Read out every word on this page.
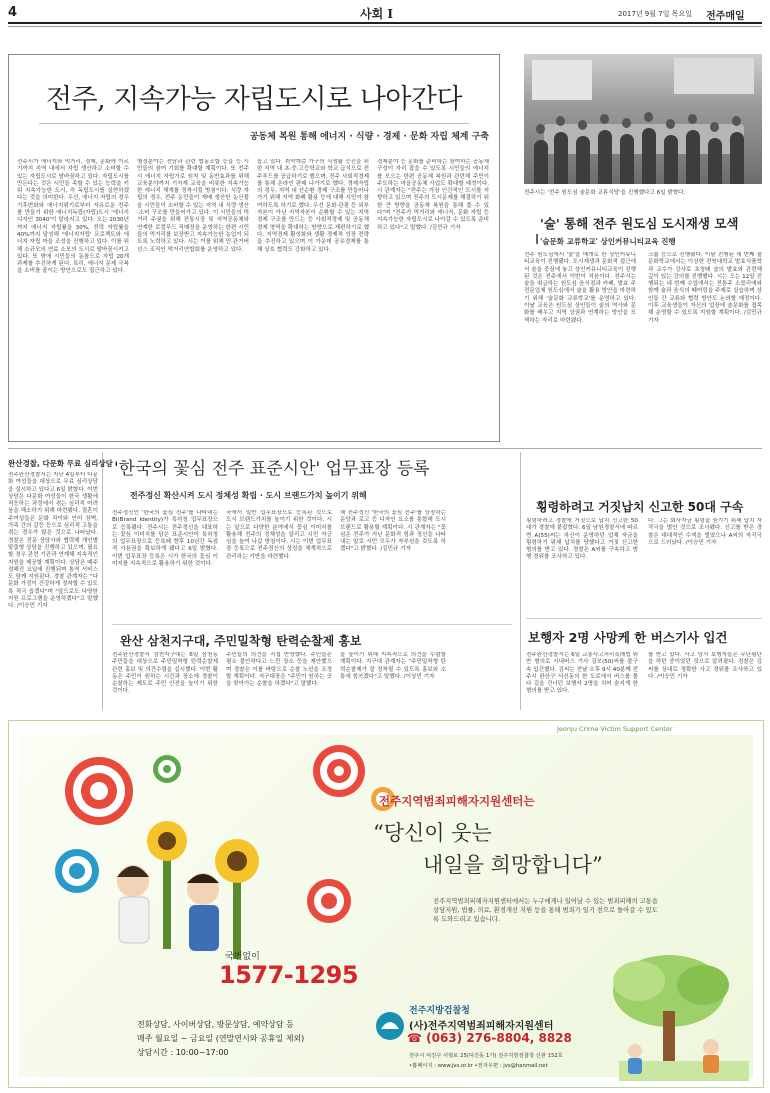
4	사회 I	2017년 9월 7일 목요일 전주매일
전주, 지속가능 자립도시로 나아간다
공동체 복원 통해 에너지 · 식량 · 경제 · 문화 자립 체계 구축
전주시가 에너지와 먹거리, 경제, 문화에 이르기까지 지역 내에서 자립 생산하고 소비할 수 있는 자립도시로 탈바꿈하고 있다. 자립도시를 만든다는 것은 시민들 족할 수 있는 능력을 키워 지속가능한 도시, 즉 독립도시를 실현하겠다는 것을 의미한다. 우선, 에너지 자립의 경우 기후변화와 에너지위기로부터 자유로운 전주를 만들기 위한 에너지독립(자립)도시 '에너지 디자인 3040'이 달라지고 있다. 오는 2030년까지 에너지 자립률을 30%, 전력 자립률을 40%까지 달성해 '에너지자립' 프로젝트와 에너지 자립 마을 조성을 진행하고 있다. 이를 위해 소규모의 연료 소모의 도시로 탈바꿈시키고 있다. 또 밖에 시민들의 동참으로 자립 20개 과제를 추진하게 된다. 특히, 에너지 문제 극복을 소비를 줄이는 방안으로도 접근하고 있다.
행정분야는 전담과 관련 협동조합 등을 등 시민들의 참여 기회를 확대할 계획이다. 또 전주시 에너지 자립가로 원칙 및 동반효과를 위해 교육분야까지 기자재 교육을 비롯한 지속가능한 에너지 체계를 정착시킬 방침이다. 식량 자립의 경우, 전주 농민들이 재배 생산한 농산물을 시민들이 소비할 수 있는 지역 내 식량 생산·소비 구조를 만들어가고 있다. 이 시민들의 먹거리 주권을 위해 전통시장 및 지역공동체와 연계한 로컬푸드 직매장을 운영하는 한편 시민들의 먹거리를 보장받고 지속가능한 농업이 되도록 노력하고 있다. 시는 이를 위해 민·관거버넌스 조직인 먹거리연합회를 운영하고 있다.
돕고 있다. 취약계층 가구의 식생활 증진을 위한 지역 내 초·중·고등학교와 학교 급식으로 전주푸드를 공급하기로 했으며, 전주 사회적경제를 통해 온라인 판매 나가기로 했다. 경제자립의 경우, 지역 내 선순환 경제 구조를 만들어나가기 위해 지역 화폐 활용 등에 대해 시민이 참여하도록 하기로 했다. 우선 문화·관광 등 외부자본이 아닌 지역자본이 순환할 수 있는 지역 경제 구조를 만드는 등 사회적경제 및 공동체 경제 영역을 확대하는 방향으로 재편하기로 했다. 지역경제 활성화와 생활 경제적 성장 전략을 추진하고 있으며 이 가운데 공유경제를 통해 상호 협력도 강화하고 있다.
경제분야 등 문화를 준비하는 참여하는 공동체 구성이 자리 잡을 수 있도록 시민들의 에너지를 모으는 한편 공동체 복원과 관련해 주민이 주도하는 마을공동체 사업도 확대할 예정이다. 시 관계자는 "전주는 가장 인간적인 도시를 지향하고 있으며 전주의 도시문제를 해결하기 위한 큰 방향을 공동체 복원을 통해 풀 수 있다"며 "전주가 먹거리와 에너지, 문화 자립 등 지속가능한 자립도시로 나아갈 수 있도록 준비하고 있다"고 말했다. /김민규 기자
전주시는 '전주 원도심 술문화 교류식당'을 진행했다고 6일 밝혔다.
'술' 통해 전주 원도심 도시재생 모색
'술문화 교류학교' 상인커뮤니티교육 진행
전주 원도심에서 '술'을 매개로 한 상인커뮤니티교육이 진행됐다. 도시재생과 문화적 접근에서 술을 중심에 놓고 상인커뮤니티교육이 진행된 것은 전주에서 이번이 처음이다. 전주시는 술을 취급하는 원도심 음식점과 카페, 발효 주전문업체 원도심에서 술을 활용 방안을 마련하기 위해 '술문화 교류학교'를 운영하고 있다. 이날 교육은 원도심 상인들이 술의 역사와 문화를 배우고 지역 상권과 연계하는 방안을 모색하는 자리로 마련됐다.
크숍 등으로 진행됐다. 이날 진행된 세 번째 술문화학교에서는 이상헌 전북대학교 발효식품학과 교수가 강사로 초청돼 술의 발효와 관련해 깊이 있는 강의를 진행했다. 시는 오는 12일 진행되는 네 번째 수업에서는 전통주 소믈리에와 함께 술과 음식의 페어링을 주제로 실습하며 상인들 간 교류와 협력 방안도 논의할 예정이다. 이후 교육생들이 자신의 업장에 술문화를 접목해 운영할 수 있도록 지원할 계획이다. /김민규 기자
완산경찰, 다문화 무료 심리상담
전주완산경찰서는 지난 4일부터 다문화 여성들을 대상으로 무료 심리상담을 실시하고 있다고 6일 밝혔다. 이번 상담은 다문화 여성들이 한국 생활에 적응하는 과정에서 겪는 심리적 어려움을 해소하기 위해 마련됐다. 결혼이주여성들은 문화 차이와 언어 장벽, 가족 간의 갈등 등으로 심리적 고통을 겪는 경우가 많은 것으로 나타났다. 경찰은 전문 상담사와 협력해 개인별 맞춤형 상담을 진행하고 있으며, 필요할 경우 관련 기관과 연계해 지속적인 지원을 제공할 계획이다. 상담은 매주 정해진 요일에 진행되며 통역 서비스도 함께 지원된다. 경찰 관계자는 "다문화 가정이 건강하게 정착할 수 있도록 적극 돕겠다"며 "앞으로도 다양한 지원 프로그램을 운영하겠다"고 말했다. /이승민 기자
'한국의 꽃심 전주 표준시안' 업무표장 등록
전주정신 확산시켜 도시 정체성 확립 · 도시 브랜드가치 높이기 위해
전주정신인 '한국의 꽃심 전주'를 나타내는 BI(Brand Identity)가 특허청 업무표장으로 등록됐다. 전주시는 전주정신을 대표하는 꽃심 이미지를 담은 표준시안이 특허청의 업무표장으로 등록돼 향후 10년간 독점적 사용권을 확보하게 됐다고 6일 밝혔다. 이번 업무표장 등록은 시가 한국의 꽃심 이미지를 지속적으로 활용하기 위한 것이다.
국에서 일반 업무표장으로 등록된 것으로 도시 브랜드가치를 높이기 위한 것이다. 시는 앞으로 다양한 분야에서 꽃심 이미지를 활용해 전주의 정체성을 알리고 시민 자긍심을 높여 나갈 방침이다. 시는 이번 업무표장 등록으로 전주정신의 상징을 체계적으로 관리하는 기반을 마련했다.
해 전주정신 '한국의 꽃심 전주'를 상징하는 문양과 로고 등 디자인 요소를 통합해 도시 브랜드로 활용할 계획이다. 시 관계자는 "꽃심은 전주가 지닌 문화적 힘과 정신을 나타내는 말로 시민 모두가 자부심을 갖도록 하겠다"고 밝혔다. /김민규 기자
완산 삼천지구대, 주민밀착형 탄력순찰제 홍보
전주완산경찰서 삼천지구대는 6일 삼천동 주민들을 대상으로 주민밀착형 탄력순찰제 관련 홍보 및 의견수렴을 실시했다. 이번 활동은 주민이 원하는 시간과 장소에 경찰이 순찰하는 제도로 주민 안전을 높이기 위한 것이다.
주민들의 의견을 직접 반영했다. 주민들은 평소 불안하다고 느낀 장소 등을 제안했으며 경찰은 이를 바탕으로 순찰 노선을 조정할 계획이다. 지구대장은 "주민이 원하는 곳을 찾아가는 순찰을 하겠다"고 말했다.
을 높이기 위해 지속적으로 의견을 수렴할 계획이다. 지구대 관계자는 "주민밀착형 탄력순찰제가 잘 정착될 수 있도록 홍보와 소통에 힘쓰겠다"고 말했다. /이상민 기자
횡령하려고 거짓납치 신고한 50대 구속
횡령하려고 경찰에 거짓으로 납치 신고한 50대가 경찰에 붙잡혔다. 6일 남원경찰서에 따르면 A(55)씨는 자신이 운영하던 업체 자금을 횡령하기 위해 납치를 당했다고 거짓 신고한 혐의를 받고 있다. 경찰은 A씨를 구속하고 범행 경위를 조사하고 있다.
다. 그는 회사자금 횡령을 숨기기 위해 납치 자작극을 벌인 것으로 조사됐다. 신고를 받은 경찰은 대대적인 수색을 벌였으나 A씨의 자작극으로 드러났다. /이승민 기자
보행자 2명 사망케 한 버스기사 입건
전주완산경찰서는 6일 교통사고처리특례법 위반 혐의로 시내버스 기사 김모(50)씨를 불구속 입건했다. 김씨는 전날 오후 9시 40분께 전주시 완산구 서신동의 한 도로에서 버스를 몰다 길을 건너던 보행자 2명을 치어 숨지게 한 혐의를 받고 있다.
를 받고 있다. 사고 당시 보행자들은 무단횡단을 하던 중이었던 것으로 알려졌다. 경찰은 김씨를 상대로 정확한 사고 경위를 조사하고 있다. /이승민 기자
Jeonju Crime Victim Support Center
국번없이
1577-1295
전화상담, 사이버상담, 방문상담, 예약상담 등
매주 월요일 ~ 금요일 (연말연시와 공휴일 제외)
상담시간 : 10:00~17:00
전주지역범죄피해자지원센터는
“당신이 웃는
내일을 희망합니다”
전주지역범죄피해자지원센터에서는 누구에게나 일어날 수 있는 범죄피해의 고통을 상담지원, 법률, 의료, 환경개선 지원 등을 통해 범죄가 일기 전으로 돌아갈 수 있도록 도와드리고 있습니다.
전주지방검찰청
(사)전주지역범죄피해자지원센터
☎ (063) 276-8804, 8828
전주시 덕진구 사평로 25(덕진동 1가) 전주지방검찰청 신관 152호
•홈페이지 : www.jvs.or.kr •전자우편 : jvs@hanmail.net
